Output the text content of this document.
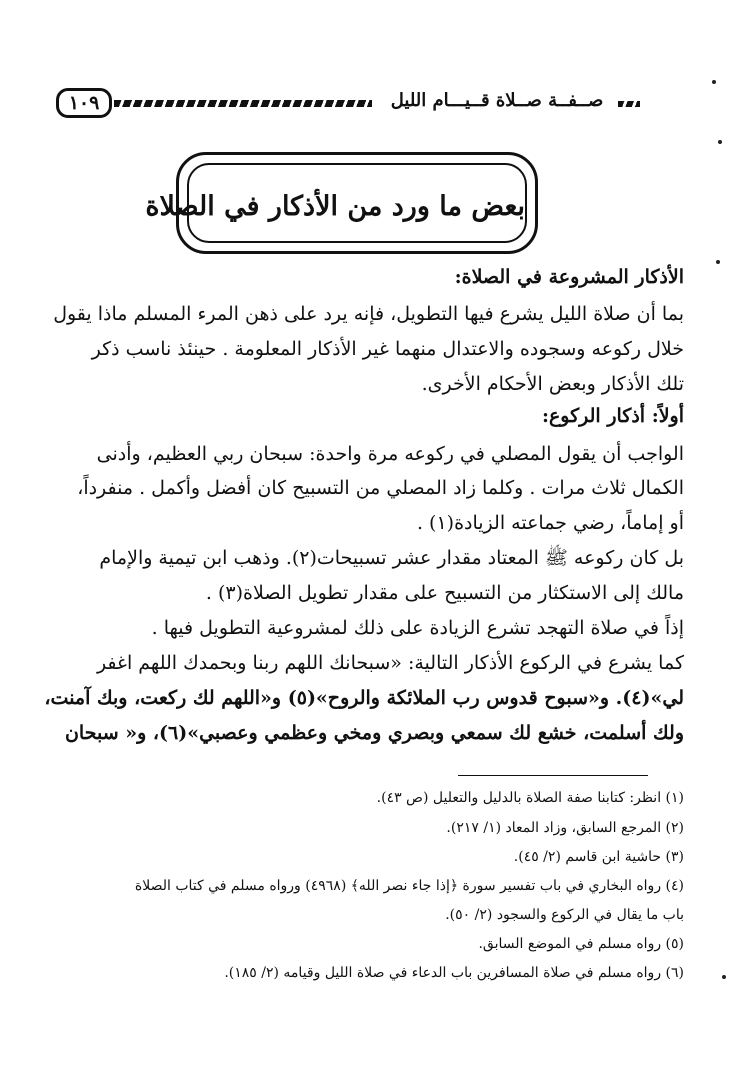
١٠٩	صــفــة صــلاة قــيـــام الليل
بعض ما ورد من الأذكار في الصلاة
الأذكار المشروعة في الصلاة:
بما أن صلاة الليل يشرع فيها التطويل، فإنه يرد على ذهن المرء المسلم ماذا يقول
خلال ركوعه وسجوده والاعتدال منهما غير الأذكار المعلومة . حينئذ ناسب ذكر
تلك الأذكار وبعض الأحكام الأخرى.
أولاً: أذكار الركوع:
الواجب أن يقول المصلي في ركوعه مرة واحدة: سبحان ربي العظيم، وأدنى
الكمال ثلاث مرات . وكلما زاد المصلي من التسبيح كان أفضل وأكمل . منفرداً،
أو إماماً، رضي جماعته الزيادة(١) .
بل كان ركوعه ﷺ المعتاد مقدار عشر تسبيحات(٢). وذهب ابن تيمية والإمام
مالك إلى الاستكثار من التسبيح على مقدار تطويل الصلاة(٣) .
إذاً في صلاة التهجد تشرع الزيادة على ذلك لمشروعية التطويل فيها .
كما يشرع في الركوع الأذكار التالية: «سبحانك اللهم ربنا وبحمدك اللهم اغفر
لي»(٤). و«سبوح قدوس رب الملائكة والروح»(٥) و«اللهم لك ركعت، وبك آمنت،
ولك أسلمت، خشع لك سمعي وبصري ومخي وعظمي وعصبي»(٦)، و« سبحان
(١) انظر: كتابنا صفة الصلاة بالدليل والتعليل (ص ٤٣).
(٢) المرجع السابق، وزاد المعاد (١/ ٢١٧).
(٣) حاشية ابن قاسم (٢/ ٤٥).
(٤) رواه البخاري في باب تفسير سورة ﴿إذا جاء نصر الله﴾ (٤٩٦٨) ورواه مسلم في كتاب الصلاة
باب ما يقال في الركوع والسجود (٢/ ٥٠).
(٥) رواه مسلم في الموضع السابق.
(٦) رواه مسلم في صلاة المسافرين باب الدعاء في صلاة الليل وقيامه (٢/ ١٨٥).
